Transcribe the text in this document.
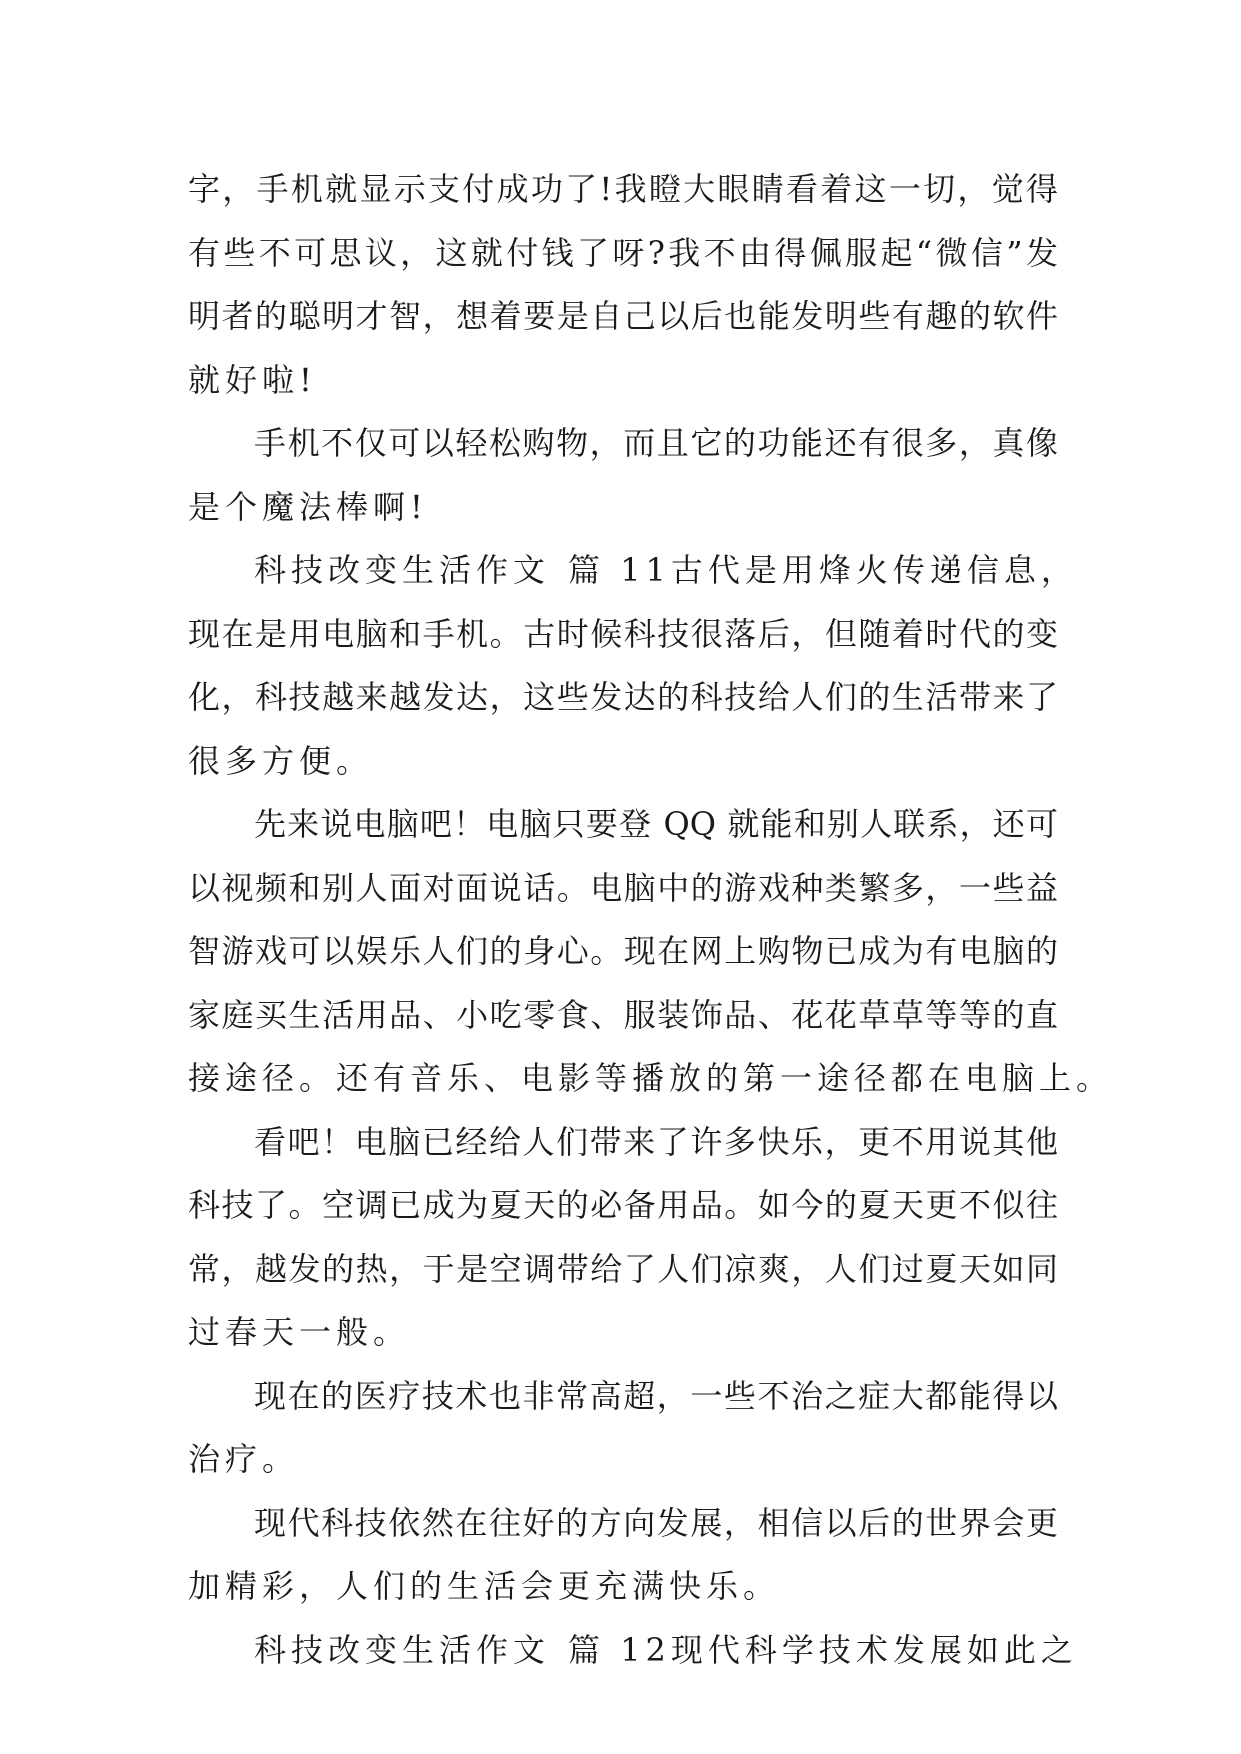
字，手机就显示支付成功了!我瞪大眼睛看着这一切，觉得
有些不可思议，这就付钱了呀?我不由得佩服起“微信”发
明者的聪明才智，想着要是自己以后也能发明些有趣的软件
就好啦!
手机不仅可以轻松购物，而且它的功能还有很多，真像
是个魔法棒啊!
科技改变生活作文 篇 11 古代是用烽火传递信息，
现在是用电脑和手机。古时候科技很落后，但随着时代的变
化，科技越来越发达，这些发达的科技给人们的生活带来了
很多方便。
先来说电脑吧！电脑只要登 QQ 就能和别人联系，还可
以视频和别人面对面说话。电脑中的游戏种类繁多，一些益
智游戏可以娱乐人们的身心。现在网上购物已成为有电脑的
家庭买生活用品、小吃零食、服装饰品、花花草草等等的直
接途径。还有音乐、电影等播放的第一途径都在电脑上。
看吧！电脑已经给人们带来了许多快乐，更不用说其他
科技了。空调已成为夏天的必备用品。如今的夏天更不似往
常，越发的热，于是空调带给了人们凉爽，人们过夏天如同
过春天一般。
现在的医疗技术也非常高超，一些不治之症大都能得以
治疗。
现代科技依然在往好的方向发展，相信以后的世界会更
加精彩，人们的生活会更充满快乐。
科技改变生活作文 篇 12 现代科学技术发展如此之
